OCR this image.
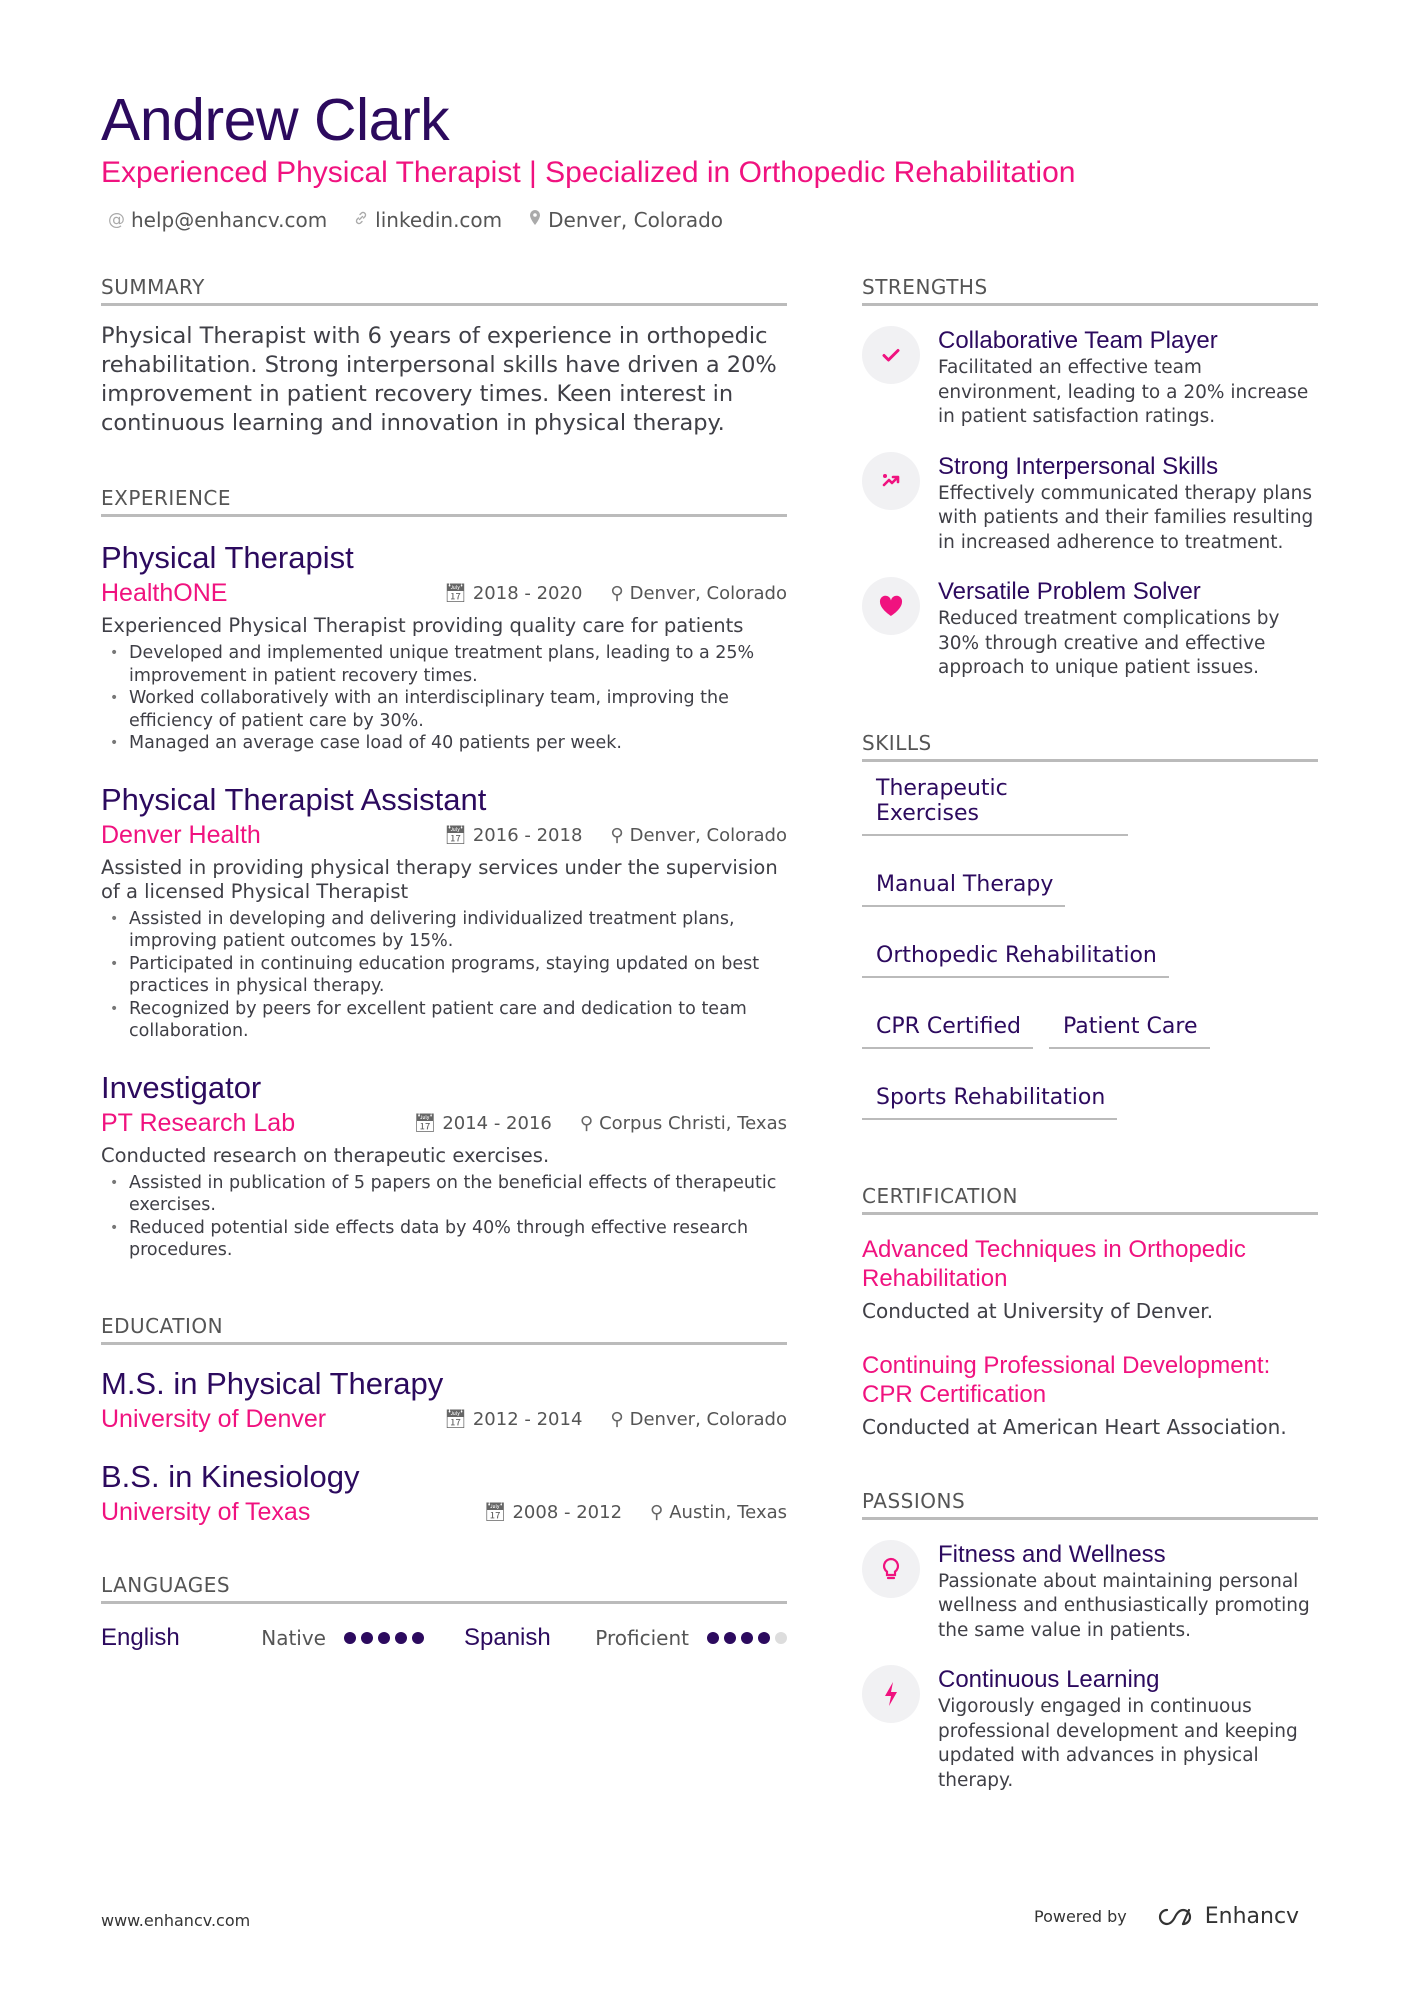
Andrew Clark
Experienced Physical Therapist | Specialized in Orthopedic Rehabilitation
@ help@enhancv.com linkedin.com Denver, Colorado
SUMMARY
Physical Therapist with 6 years of experience in orthopedic rehabilitation. Strong interpersonal skills have driven a 20% improvement in patient recovery times. Keen interest in continuous learning and innovation in physical therapy.
EXPERIENCE
Physical Therapist
HealthONE	📅︎ 2018 - 2020 ⚲ Denver, Colorado
Experienced Physical Therapist providing quality care for patients
• Developed and implemented unique treatment plans, leading to a 25% improvement in patient recovery times.
• Worked collaboratively with an interdisciplinary team, improving the efficiency of patient care by 30%.
• Managed an average case load of 40 patients per week.
Physical Therapist Assistant
Denver Health	📅︎ 2016 - 2018 ⚲ Denver, Colorado
Assisted in providing physical therapy services under the supervision of a licensed Physical Therapist
• Assisted in developing and delivering individualized treatment plans, improving patient outcomes by 15%.
• Participated in continuing education programs, staying updated on best practices in physical therapy.
• Recognized by peers for excellent patient care and dedication to team collaboration.
Investigator
PT Research Lab	📅︎ 2014 - 2016 ⚲ Corpus Christi, Texas
Conducted research on therapeutic exercises.
• Assisted in publication of 5 papers on the beneficial effects of therapeutic exercises.
• Reduced potential side effects data by 40% through effective research procedures.
EDUCATION
M.S. in Physical Therapy
University of Denver	📅︎ 2012 - 2014 ⚲ Denver, Colorado
B.S. in Kinesiology
University of Texas	📅︎ 2008 - 2012 ⚲ Austin, Texas
LANGUAGES
English	Native	Spanish Proficient
STRENGTHS
Collaborative Team Player
Facilitated an effective team environment, leading to a 20% increase in patient satisfaction ratings.
Strong Interpersonal Skills
Effectively communicated therapy plans with patients and their families resulting in increased adherence to treatment.
Versatile Problem Solver
Reduced treatment complications by 30% through creative and effective approach to unique patient issues.
SKILLS
Therapeutic Exercises
Manual Therapy
Orthopedic Rehabilitation
CPR Certified	Patient Care
Sports Rehabilitation
CERTIFICATION
Advanced Techniques in Orthopedic Rehabilitation
Conducted at University of Denver.
Continuing Professional Development: CPR Certification
Conducted at American Heart Association.
PASSIONS
Fitness and Wellness
Passionate about maintaining personal wellness and enthusiastically promoting the same value in patients.
Continuous Learning
Vigorously engaged in continuous professional development and keeping updated with advances in physical therapy.
www.enhancv.com	Powered by	Enhancv
